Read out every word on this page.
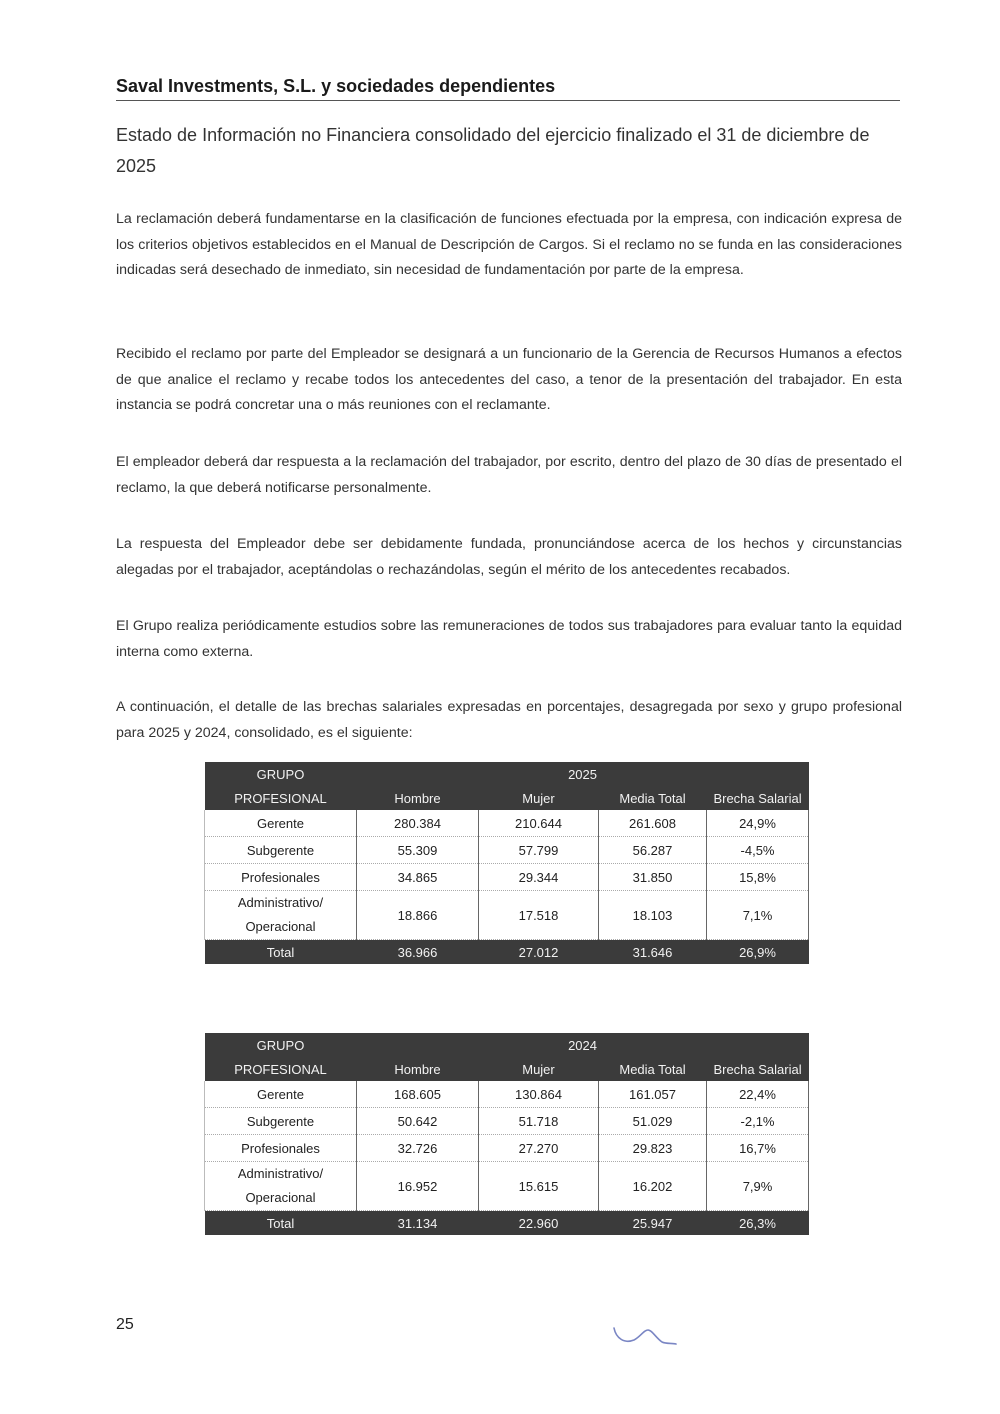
Saval Investments, S.L. y sociedades dependientes
Estado de Información no Financiera consolidado del ejercicio finalizado el 31 de diciembre de 2025

La reclamación deberá fundamentarse en la clasificación de funciones efectuada por la empresa, con indicación expresa de los criterios objetivos establecidos en el Manual de Descripción de Cargos. Si el reclamo no se funda en las consideraciones indicadas será desechado de inmediato, sin necesidad de fundamentación por parte de la empresa.

Recibido el reclamo por parte del Empleador se designará a un funcionario de la Gerencia de Recursos Humanos a efectos de que analice el reclamo y recabe todos los antecedentes del caso, a tenor de la presentación del trabajador. En esta instancia se podrá concretar una o más reuniones con el reclamante.

El empleador deberá dar respuesta a la reclamación del trabajador, por escrito, dentro del plazo de 30 días de presentado el reclamo, la que deberá notificarse personalmente.

La respuesta del Empleador debe ser debidamente fundada, pronunciándose acerca de los hechos y circunstancias alegadas por el trabajador, aceptándolas o rechazándolas, según el mérito de los antecedentes recabados.

El Grupo realiza periódicamente estudios sobre las remuneraciones de todos sus trabajadores para evaluar tanto la equidad interna como externa.

A continuación, el detalle de las brechas salariales expresadas en porcentajes, desagregada por sexo y grupo profesional para 2025 y 2024, consolidado, es el siguiente:

GRUPO	2025			
PROFESIONAL	Hombre	Mujer	Media Total	Brecha Salarial
Gerente	280.384	210.644	261.608	24,9%
Subgerente	55.309	57.799	56.287	-4,5%
Profesionales	34.865	29.344	31.850	15,8%
Administrativo/
Operacional	18.866	17.518	18.103	7,1%
Total	36.966	27.012	31.646	26,9%
GRUPO	2024			
PROFESIONAL	Hombre	Mujer	Media Total	Brecha Salarial
Gerente	168.605	130.864	161.057	22,4%
Subgerente	50.642	51.718	51.029	-2,1%
Profesionales	32.726	27.270	29.823	16,7%
Administrativo/
Operacional	16.952	15.615	16.202	7,9%
Total	31.134	22.960	25.947	26,3%
25
